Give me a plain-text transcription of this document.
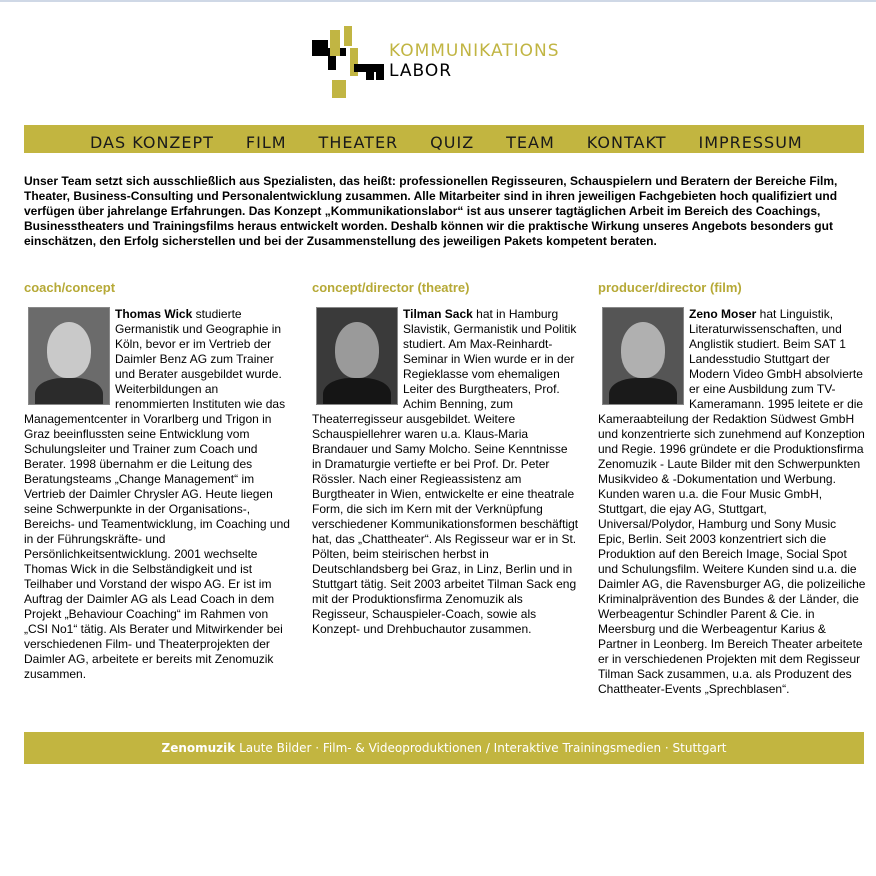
KOMMUNIKATIONS
LABOR
DAS KONZEPT FILM THEATER QUIZ TEAM KONTAKT IMPRESSUM
Unser Team setzt sich ausschließlich aus Spezialisten, das heißt: professionellen Regisseuren, Schauspielern und Beratern der Bereiche Film, Theater, Business-Consulting und Personalentwicklung zusammen. Alle Mitarbeiter sind in ihren jeweiligen Fachgebieten hoch qualifiziert und verfügen über jahrelange Erfahrungen. Das Konzept „Kommunikationslabor“ ist aus unserer tagtäglichen Arbeit im Bereich des Coachings, Businesstheaters und Trainingsfilms heraus entwickelt worden. Deshalb können wir die praktische Wirkung unseres Angebots besonders gut einschätzen, den Erfolg sicherstellen und bei der Zusammenstellung des jeweiligen Pakets kompetent beraten.
coach/concept

Thomas Wick studierte Germanistik und Geographie in Köln, bevor er im Vertrieb der Daimler Benz AG zum Trainer und Berater ausgebildet wurde. Weiterbildungen an renommierten Instituten wie das Managementcenter in Vorarlberg und Trigon in Graz beeinflussten seine Entwicklung vom Schulungsleiter und Trainer zum Coach und Berater. 1998 übernahm er die Leitung des Beratungsteams „Change Management“ im Vertrieb der Daimler Chrysler AG. Heute liegen seine Schwerpunkte in der Organisations-, Bereichs- und Teamentwicklung, im Coaching und in der Führungskräfte- und Persönlichkeitsentwicklung. 2001 wechselte Thomas Wick in die Selbständigkeit und ist Teilhaber und Vorstand der wispo AG. Er ist im Auftrag der Daimler AG als Lead Coach in dem Projekt „Behaviour Coaching“ im Rahmen von „CSI No1“ tätig. Als Berater und Mitwirkender bei verschiedenen Film- und Theaterprojekten der Daimler AG, arbeitete er bereits mit Zenomuzik zusammen.

concept/director (theatre)

Tilman Sack hat in Hamburg Slavistik, Germanistik und Politik studiert. Am Max-Reinhardt-Seminar in Wien wurde er in der Regieklasse vom ehemaligen Leiter des Burgtheaters, Prof. Achim Benning, zum Theaterregisseur ausgebildet. Weitere Schauspiellehrer waren u.a. Klaus-Maria Brandauer und Samy Molcho. Seine Kenntnisse in Dramaturgie vertiefte er bei Prof. Dr. Peter Rössler. Nach einer Regieassistenz am Burgtheater in Wien, entwickelte er eine theatrale Form, die sich im Kern mit der Verknüpfung verschiedener Kommunikationsformen beschäftigt hat, das „Chattheater“. Als Regisseur war er in St. Pölten, beim steirischen herbst in Deutschlandsberg bei Graz, in Linz, Berlin und in Stuttgart tätig. Seit 2003 arbeitet Tilman Sack eng mit der Produktionsfirma Zenomuzik als Regisseur, Schauspieler-Coach, sowie als Konzept- und Drehbuchautor zusammen.

producer/director (film)

Zeno Moser hat Linguistik, Literaturwissenschaften, und Anglistik studiert. Beim SAT 1 Landesstudio Stuttgart der Modern Video GmbH absolvierte er eine Ausbildung zum TV-Kameramann. 1995 leitete er die Kameraabteilung der Redaktion Südwest GmbH und konzentrierte sich zunehmend auf Konzeption und Regie. 1996 gründete er die Produktionsfirma Zenomuzik - Laute Bilder mit den Schwerpunkten Musikvideo & -Dokumentation und Werbung. Kunden waren u.a. die Four Music GmbH, Stuttgart, die ejay AG, Stuttgart, Universal/Polydor, Hamburg und Sony Music Epic, Berlin. Seit 2003 konzentriert sich die Produktion auf den Bereich Image, Social Spot und Schulungsfilm. Weitere Kunden sind u.a. die Daimler AG, die Ravensburger AG, die polizeiliche Kriminalprävention des Bundes & der Länder, die Werbeagentur Schindler Parent & Cie. in Meersburg und die Werbeagentur Karius & Partner in Leonberg. Im Bereich Theater arbeitete er in verschiedenen Projekten mit dem Regisseur Tilman Sack zusammen, u.a. als Produzent des Chattheater-Events „Sprechblasen“.

Zenomuzik Laute Bilder · Film- & Videoproduktionen / Interaktive Trainingsmedien · Stuttgart
